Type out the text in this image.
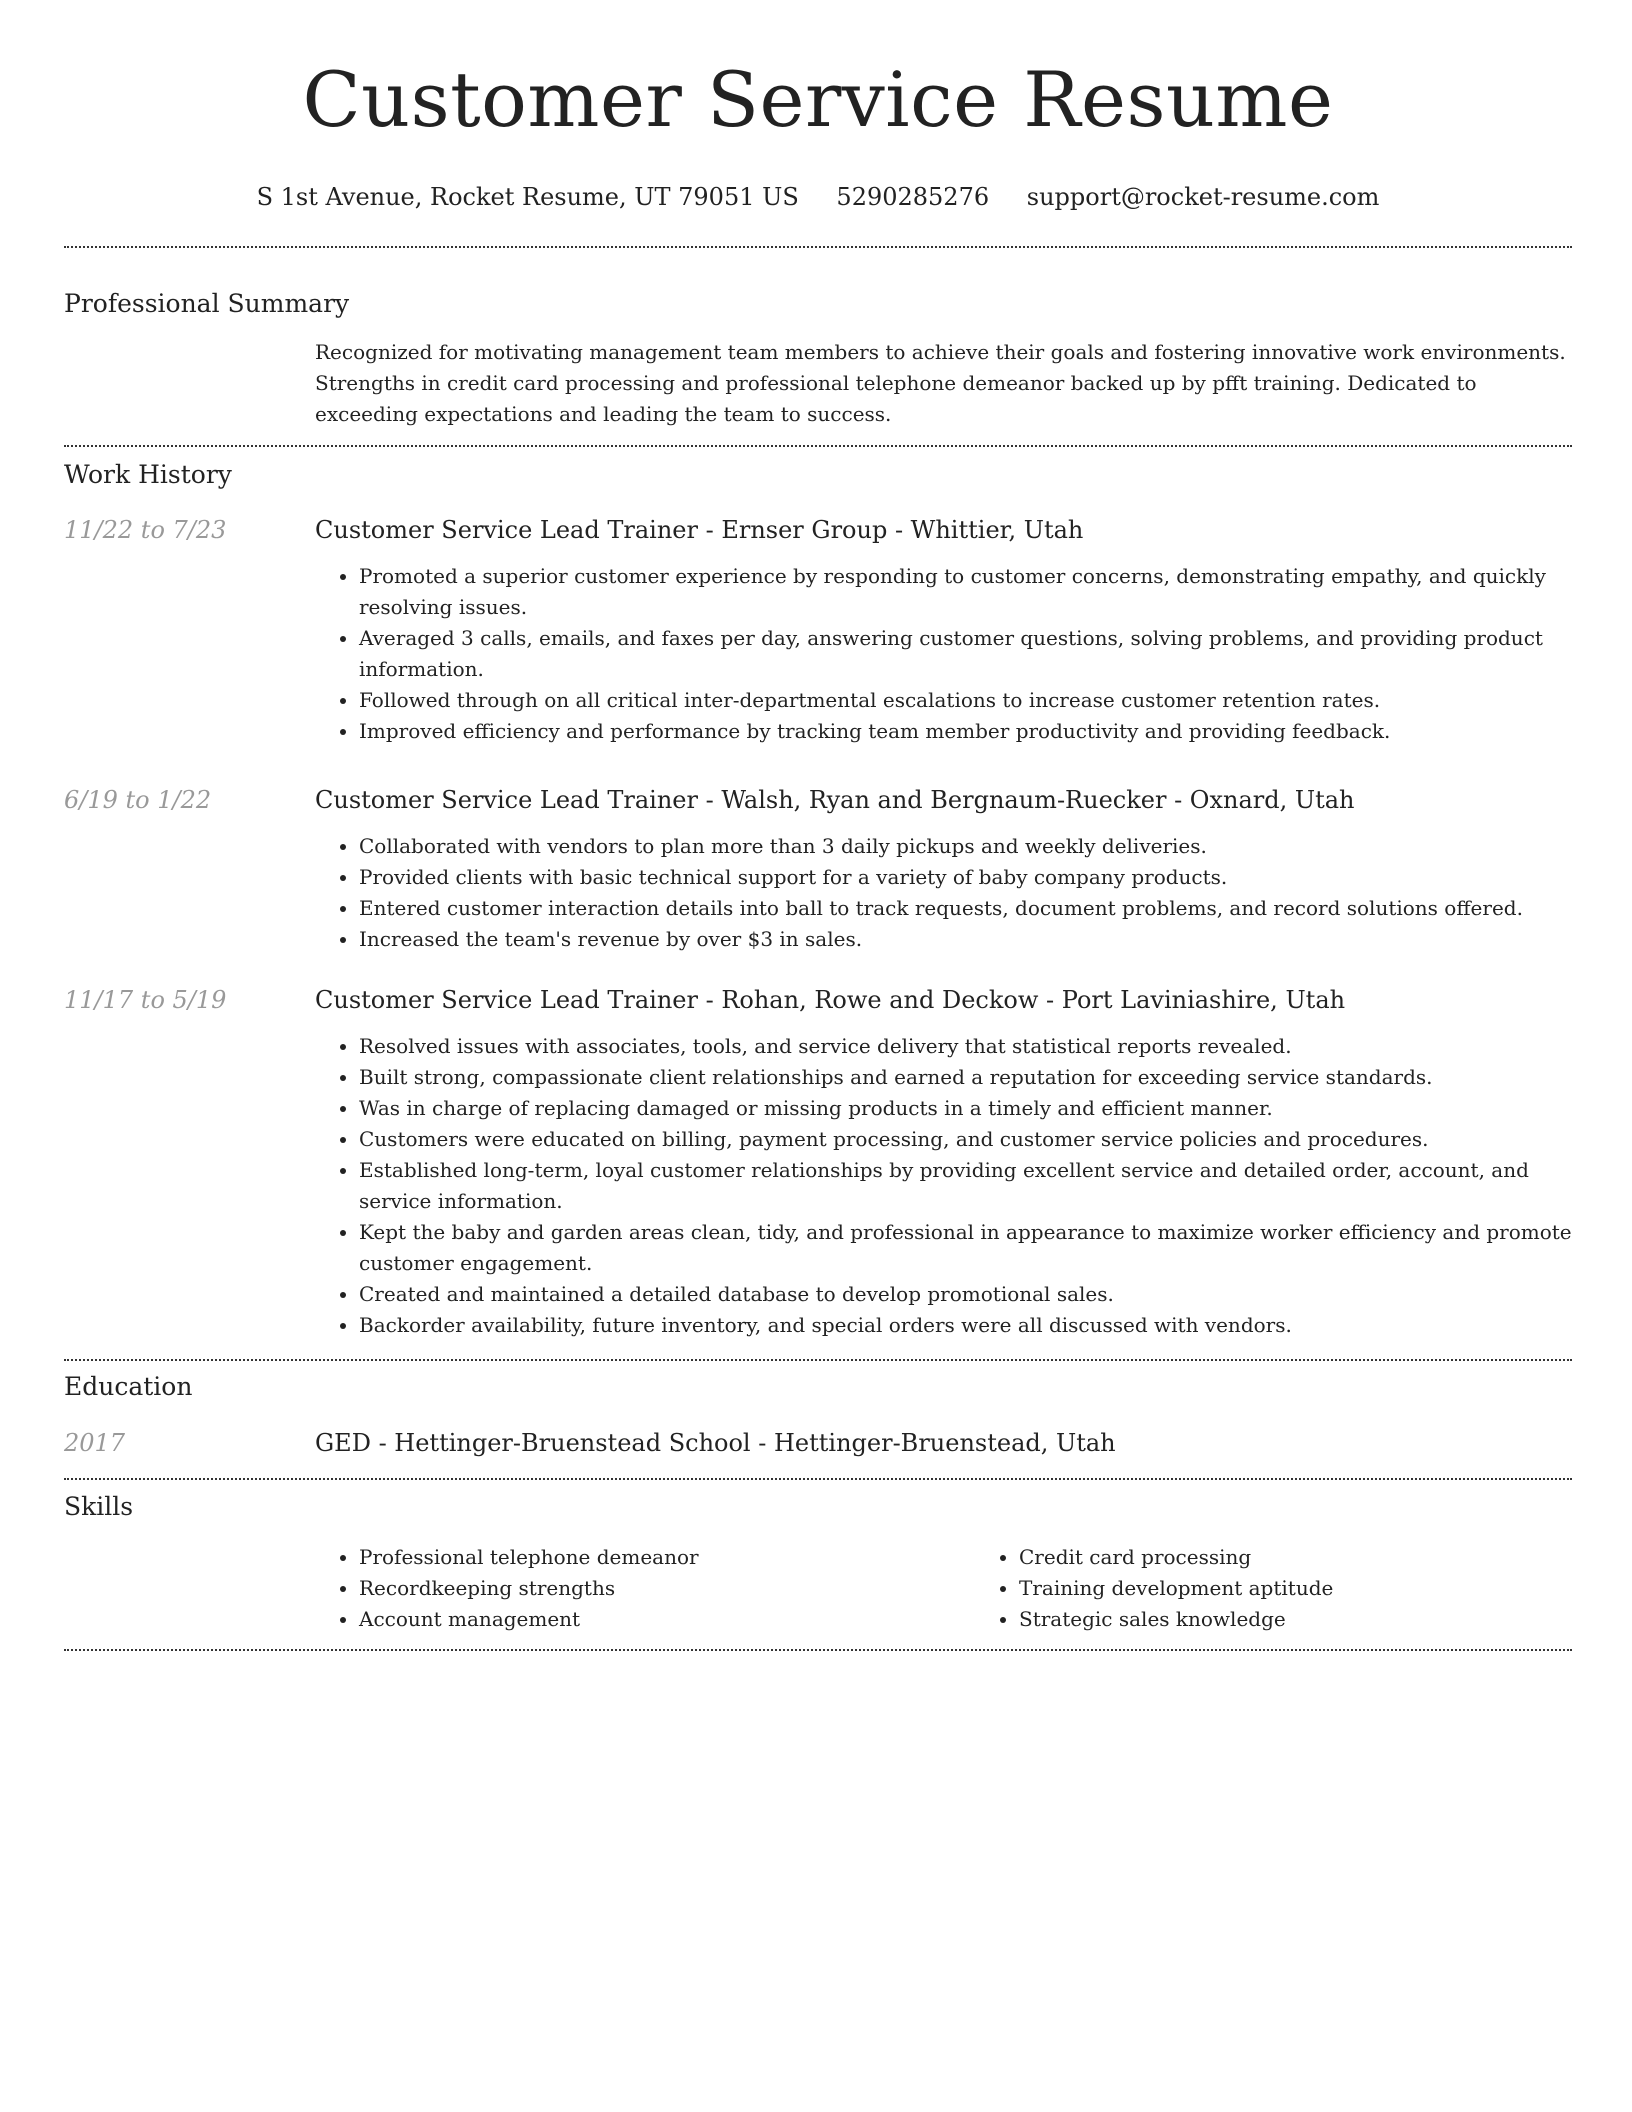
Customer Service Resume
S 1st Avenue, Rocket Resume, UT 79051 US 5290285276 support@rocket-resume.com
Professional Summary
Recognized for motivating management team members to achieve their goals and fostering innovative work environments. Strengths in credit card processing and professional telephone demeanor backed up by pfft training. Dedicated to exceeding expectations and leading the team to success.
Work History
11/22 to 7/23	Customer Service Lead Trainer - Ernser Group - Whittier, Utah
• Promoted a superior customer experience by responding to customer concerns, demonstrating empathy, and quickly resolving issues.
• Averaged 3 calls, emails, and faxes per day, answering customer questions, solving problems, and providing product information.
• Followed through on all critical inter-departmental escalations to increase customer retention rates.
• Improved efficiency and performance by tracking team member productivity and providing feedback.
6/19 to 1/22	Customer Service Lead Trainer - Walsh, Ryan and Bergnaum-Ruecker - Oxnard, Utah
• Collaborated with vendors to plan more than 3 daily pickups and weekly deliveries.
• Provided clients with basic technical support for a variety of baby company products.
• Entered customer interaction details into ball to track requests, document problems, and record solutions offered.
• Increased the team's revenue by over $3 in sales.
11/17 to 5/19	Customer Service Lead Trainer - Rohan, Rowe and Deckow - Port Laviniashire, Utah
• Resolved issues with associates, tools, and service delivery that statistical reports revealed.
• Built strong, compassionate client relationships and earned a reputation for exceeding service standards.
• Was in charge of replacing damaged or missing products in a timely and efficient manner.
• Customers were educated on billing, payment processing, and customer service policies and procedures.
• Established long-term, loyal customer relationships by providing excellent service and detailed order, account, and service information.
• Kept the baby and garden areas clean, tidy, and professional in appearance to maximize worker efficiency and promote customer engagement.
• Created and maintained a detailed database to develop promotional sales.
• Backorder availability, future inventory, and special orders were all discussed with vendors.
Education
2017	GED - Hettinger-Bruenstead School - Hettinger-Bruenstead, Utah
Skills
• Professional telephone demeanor
• Recordkeeping strengths
• Account management
• Credit card processing
• Training development aptitude
• Strategic sales knowledge
